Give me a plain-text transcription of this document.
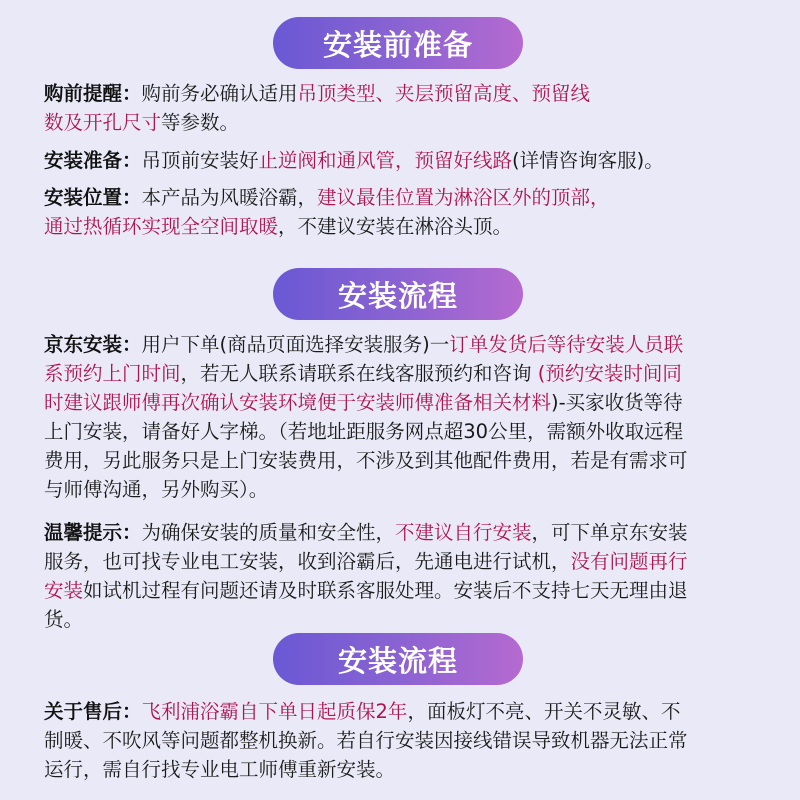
安装前准备
购前提醒：购前务必确认适用吊顶类型、夹层预留高度、预留线
数及开孔尺寸等参数。
安装准备：吊顶前安装好止逆阀和通风管，预留好线路(详情咨询客服)。
安装位置：本产品为风暖浴霸，建议最佳位置为淋浴区外的顶部，
通过热循环实现全空间取暖，不建议安装在淋浴头顶。
安装流程
京东安装：用户下单(商品页面选择安装服务)一订单发货后等待安装人员联
系预约上门时间，若无人联系请联系在线客服预约和咨询 (预约安装时间同
时建议跟师傅再次确认安装环境便于安装师傅准备相关材料)-买家收货等待
上门安装，请备好人字梯。（若地址距服务网点超30公里，需额外收取远程
费用，另此服务只是上门安装费用，不涉及到其他配件费用，若是有需求可
与师傅沟通，另外购买）。
温馨提示：为确保安装的质量和安全性，不建议自行安装，可下单京东安装
服务，也可找专业电工安装，收到浴霸后，先通电进行试机，没有问题再行
安装如试机过程有问题还请及时联系客服处理。安装后不支持七天无理由退
货。
安装流程
关于售后：飞利浦浴霸自下单日起质保2年，面板灯不亮、开关不灵敏、不
制暖、不吹风等问题都整机换新。若自行安装因接线错误导致机器无法正常
运行，需自行找专业电工师傅重新安装。
